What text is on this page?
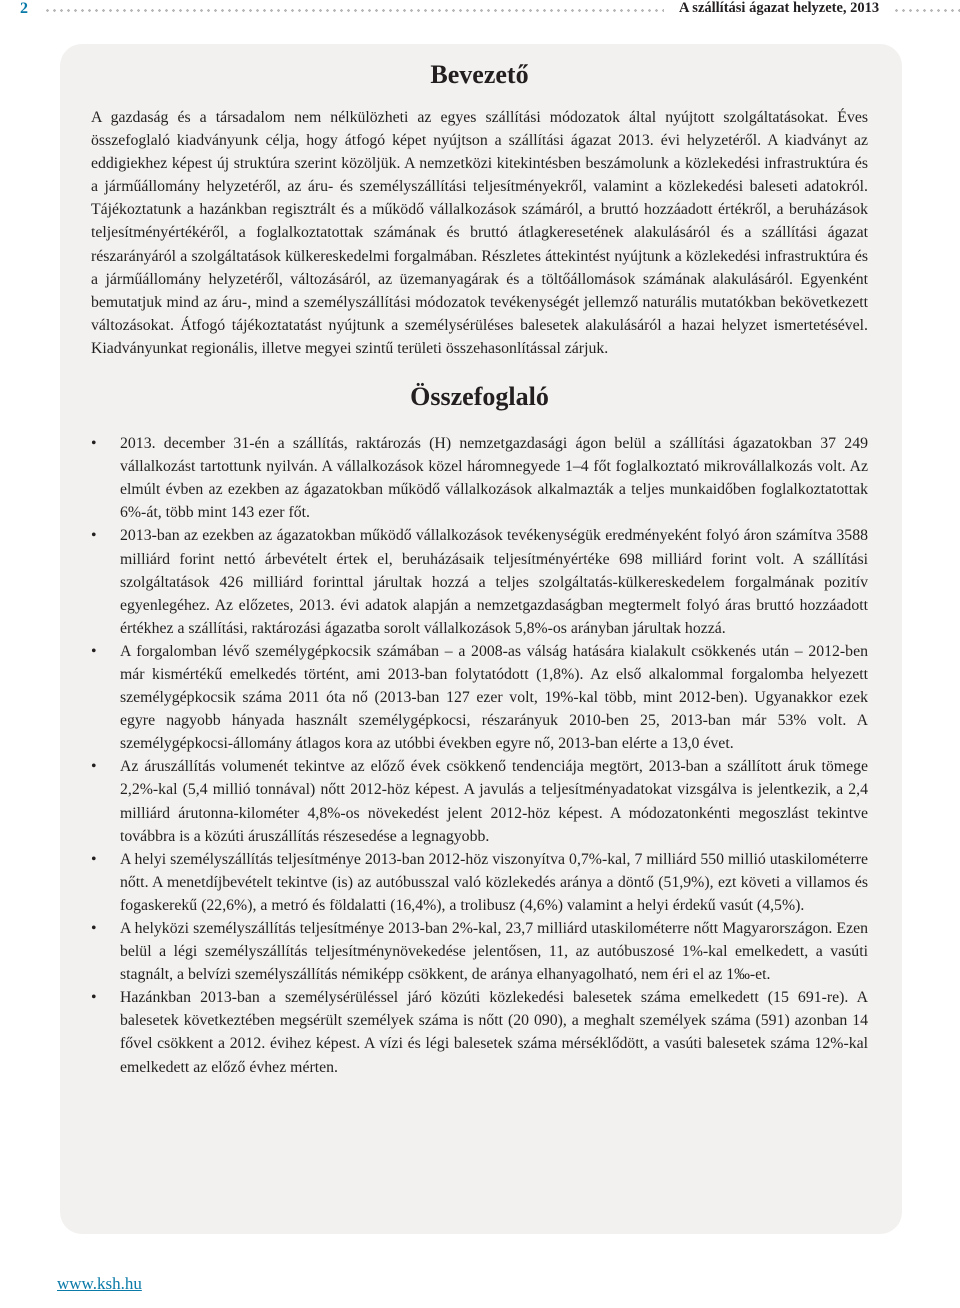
2	A szállítási ágazat helyzete, 2013
Bevezető

A gazdaság és a társadalom nem nélkülözheti az egyes szállítási módozatok által nyújtott szolgáltatásokat. Éves összefoglaló kiadványunk célja, hogy átfogó képet nyújtson a szállítási ágazat 2013. évi helyzetéről. A kiadványt az eddigiekhez képest új struktúra szerint közöljük. A nemzetközi kitekintésben beszámolunk a közlekedési infrastruktúra és a járműállomány helyzetéről, az áru- és személyszállítási teljesítményekről, valamint a közlekedési baleseti adatokról. Tájékoztatunk a hazánkban regisztrált és a működő vállalkozások számáról, a bruttó hozzáadott értékről, a beruházások teljesítményértékéről, a foglalkoztatottak számának és bruttó átlagkeresetének alakulásáról és a szállítási ágazat részarányáról a szolgáltatások külkereskedelmi forgalmában. Részletes áttekintést nyújtunk a közlekedési infrastruktúra és a járműállomány helyzetéről, változásáról, az üzemanyagárak és a töltőállomások számának alakulásáról. Egyenként bemutatjuk mind az áru-, mind a személyszállítási módozatok tevékenységét jellemző naturális mutatókban bekövetkezett változásokat. Átfogó tájékoztatatást nyújtunk a személysérüléses balesetek alakulásáról a hazai helyzet ismertetésével. Kiadványunkat regionális, illetve megyei szintű területi összehasonlítással zárjuk.

Összefoglaló
• 2013. december 31-én a szállítás, raktározás (H) nemzetgazdasági ágon belül a szállítási ágazatokban 37 249 vállalkozást tartottunk nyilván. A vállalkozások közel háromnegyede 1–4 főt foglalkoztató mikrovállalkozás volt. Az elmúlt évben az ezekben az ágazatokban működő vállalkozások alkalmazták a teljes munkaidőben foglalkoztatottak 6%-át, több mint 143 ezer főt.
• 2013-ban az ezekben az ágazatokban működő vállalkozások tevékenységük eredményeként folyó áron számítva 3588 milliárd forint nettó árbevételt értek el, beruházásaik teljesítményértéke 698 milliárd forint volt. A szállítási szolgáltatások 426 milliárd forinttal járultak hozzá a teljes szolgáltatás-külkereskedelem forgalmának pozitív egyenlegéhez. Az előzetes, 2013. évi adatok alapján a nemzetgazdaságban megtermelt folyó áras bruttó hozzáadott értékhez a szállítási, raktározási ágazatba sorolt vállalkozások 5,8%-os arányban járultak hozzá.
• A forgalomban lévő személygépkocsik számában – a 2008-as válság hatására kialakult csökkenés után – 2012-ben már kismértékű emelkedés történt, ami 2013-ban folytatódott (1,8%). Az első alkalommal forgalomba helyezett személygépkocsik száma 2011 óta nő (2013-ban 127 ezer volt, 19%-kal több, mint 2012-ben). Ugyanakkor ezek egyre nagyobb hányada használt személygépkocsi, részarányuk 2010-ben 25, 2013-ban már 53% volt. A személygépkocsi-állomány átlagos kora az utóbbi években egyre nő, 2013-ban elérte a 13,0 évet.
• Az áruszállítás volumenét tekintve az előző évek csökkenő tendenciája megtört, 2013-ban a szállított áruk tömege 2,2%-kal (5,4 millió tonnával) nőtt 2012-höz képest. A javulás a teljesítményadatokat vizsgálva is jelentkezik, a 2,4 milliárd árutonna-kilométer 4,8%-os növekedést jelent 2012-höz képest. A módozatonkénti megoszlást tekintve továbbra is a közúti áruszállítás részesedése a legnagyobb.
• A helyi személyszállítás teljesítménye 2013-ban 2012-höz viszonyítva 0,7%-kal, 7 milliárd 550 millió utaskilométerre nőtt. A menetdíjbevételt tekintve (is) az autóbusszal való közlekedés aránya a döntő (51,9%), ezt követi a villamos és fogaskerekű (22,6%), a metró és földalatti (16,4%), a trolibusz (4,6%) valamint a helyi érdekű vasút (4,5%).
• A helyközi személyszállítás teljesítménye 2013-ban 2%-kal, 23,7 milliárd utaskilométerre nőtt Magyarországon. Ezen belül a légi személyszállítás teljesítménynövekedése jelentősen, 11, az autóbuszosé 1%-kal emelkedett, a vasúti stagnált, a belvízi személyszállítás némiképp csökkent, de aránya elhanyagolható, nem éri el az 1‰-et.
• Hazánkban 2013-ban a személysérüléssel járó közúti közlekedési balesetek száma emelkedett (15 691-re). A balesetek következtében megsérült személyek száma is nőtt (20 090), a meghalt személyek száma (591) azonban 14 fővel csökkent a 2012. évihez képest. A vízi és légi balesetek száma mérséklődött, a vasúti balesetek száma 12%-kal emelkedett az előző évhez mérten.
www.ksh.hu
